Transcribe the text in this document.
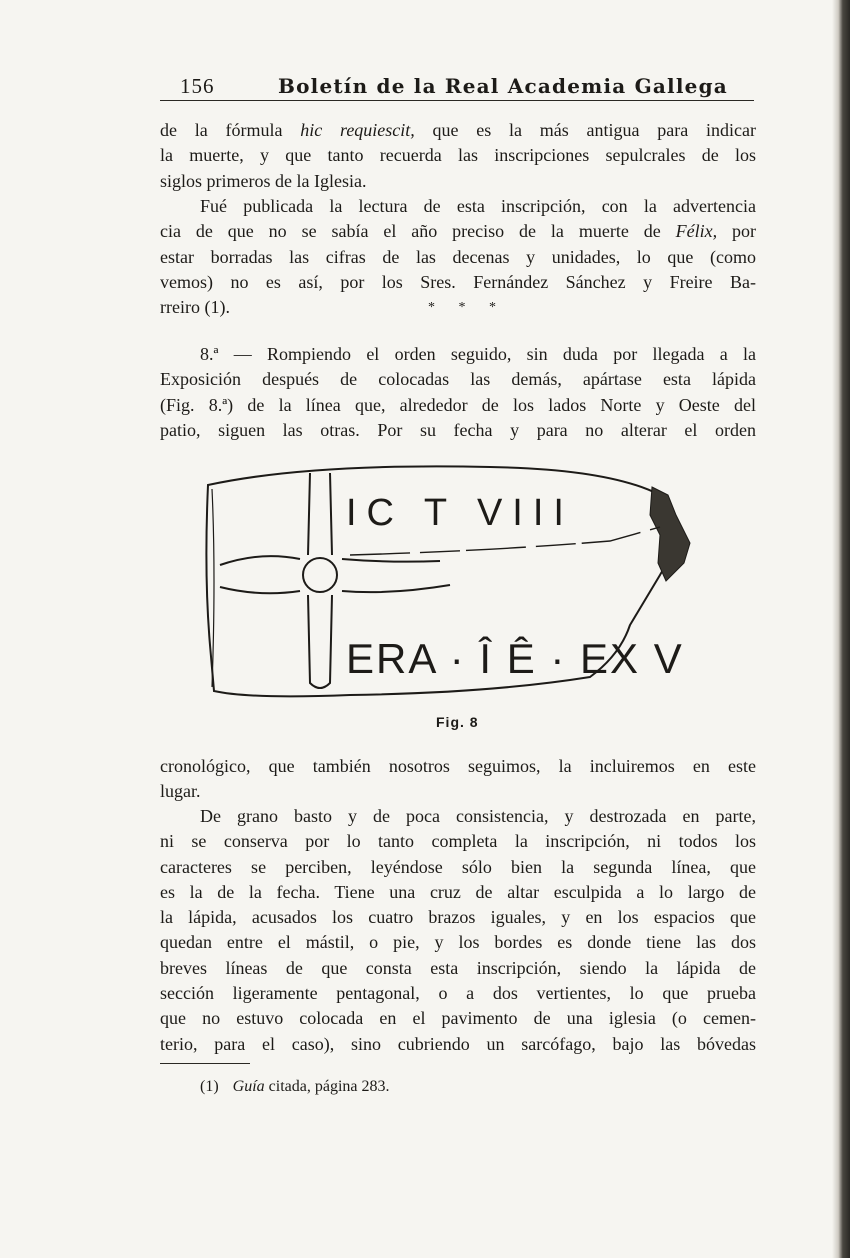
156	Boletín de la Real Academia Gallega

de la fórmula hic requiescit, que es la más antigua para indicar
la muerte, y que tanto recuerda las inscripciones sepulcrales de los
siglos primeros de la Iglesia.

Fué publicada la lectura de esta inscripción, con la advertencia
cia de que no se sabía el año preciso de la muerte de Félix, por
estar borradas las cifras de las decenas y unidades, lo que (como
vemos) no es así, por los Sres. Fernández Sánchez y Freire Ba-
rreiro (1).	* * *

8.ª — Rompiendo el orden seguido, sin duda por llegada a la
Exposición después de colocadas las demás, apártase esta lápida
(Fig. 8.ª) de la línea que, alrededor de los lados Norte y Oeste del
patio, siguen las otras. Por su fecha y para no alterar el orden

IC T VIII
ERA · Î Ê · EX V
Fig. 8

cronológico, que también nosotros seguimos, la incluiremos en este
lugar.

De grano basto y de poca consistencia, y destrozada en parte,
ni se conserva por lo tanto completa la inscripción, ni todos los
caracteres se perciben, leyéndose sólo bien la segunda línea, que
es la de la fecha. Tiene una cruz de altar esculpida a lo largo de
la lápida, acusados los cuatro brazos iguales, y en los espacios que
quedan entre el mástil, o pie, y los bordes es donde tiene las dos
breves líneas de que consta esta inscripción, siendo la lápida de
sección ligeramente pentagonal, o a dos vertientes, lo que prueba
que no estuvo colocada en el pavimento de una iglesia (o cemen-
terio, para el caso), sino cubriendo un sarcófago, bajo las bóvedas

(1) Guía citada, página 283.
